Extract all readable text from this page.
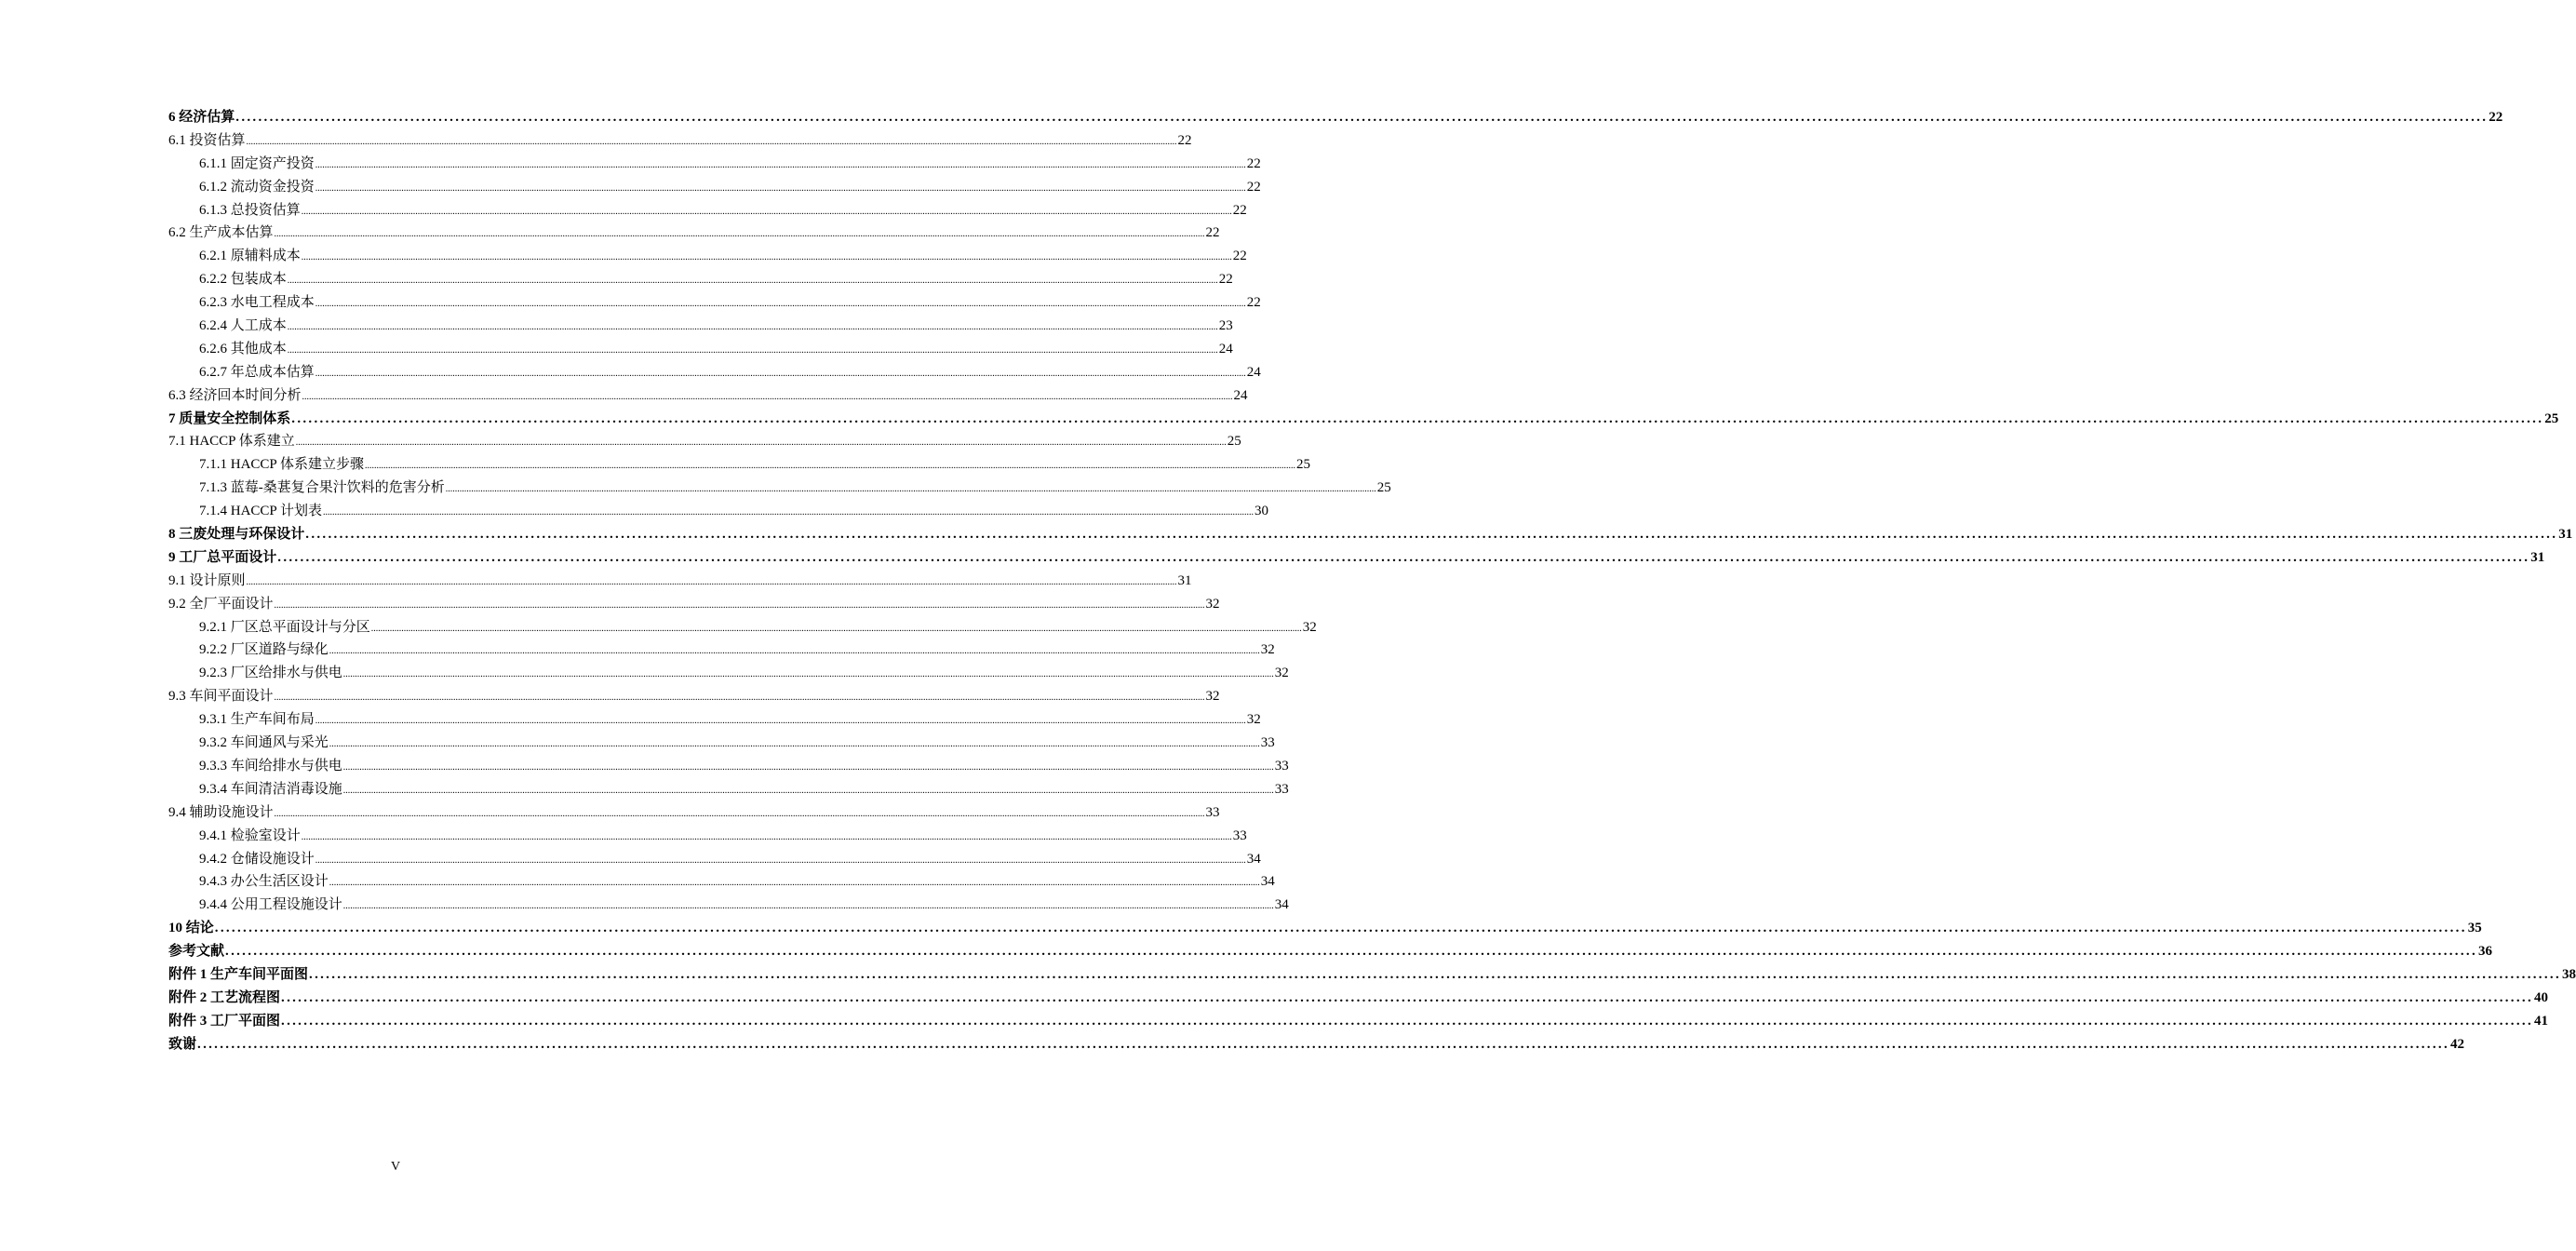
6 经济估算 ................................................................................................................................................................................................................................................................................................................................................................................................................ 22
6.1 投资估算 ................................................................................................................................................................................................................................................................................................................................................................................................................ 22
6.1.1 固定资产投资 ................................................................................................................................................................................................................................................................................................................................................................................................................ 22
6.1.2 流动资金投资 ................................................................................................................................................................................................................................................................................................................................................................................................................ 22
6.1.3 总投资估算 ................................................................................................................................................................................................................................................................................................................................................................................................................ 22
6.2 生产成本估算 ................................................................................................................................................................................................................................................................................................................................................................................................................ 22
6.2.1 原辅料成本 ................................................................................................................................................................................................................................................................................................................................................................................................................ 22
6.2.2 包装成本 ................................................................................................................................................................................................................................................................................................................................................................................................................ 22
6.2.3 水电工程成本 ................................................................................................................................................................................................................................................................................................................................................................................................................ 22
6.2.4 人工成本 ................................................................................................................................................................................................................................................................................................................................................................................................................ 23
6.2.6 其他成本 ................................................................................................................................................................................................................................................................................................................................................................................................................ 24
6.2.7 年总成本估算 ................................................................................................................................................................................................................................................................................................................................................................................................................ 24
6.3 经济回本时间分析 ................................................................................................................................................................................................................................................................................................................................................................................................................ 24
7 质量安全控制体系 ................................................................................................................................................................................................................................................................................................................................................................................................................ 25
7.1 HACCP 体系建立 ................................................................................................................................................................................................................................................................................................................................................................................................................ 25
7.1.1 HACCP 体系建立步骤 ................................................................................................................................................................................................................................................................................................................................................................................................................ 25
7.1.3 蓝莓-桑葚复合果汁饮料的危害分析 ................................................................................................................................................................................................................................................................................................................................................................................................................ 25
7.1.4 HACCP 计划表 ................................................................................................................................................................................................................................................................................................................................................................................................................ 30
8 三废处理与环保设计 ................................................................................................................................................................................................................................................................................................................................................................................................................ 31
9 工厂总平面设计 ................................................................................................................................................................................................................................................................................................................................................................................................................ 31
9.1 设计原则 ................................................................................................................................................................................................................................................................................................................................................................................................................ 31
9.2 全厂平面设计 ................................................................................................................................................................................................................................................................................................................................................................................................................ 32
9.2.1 厂区总平面设计与分区 ................................................................................................................................................................................................................................................................................................................................................................................................................ 32
9.2.2 厂区道路与绿化 ................................................................................................................................................................................................................................................................................................................................................................................................................ 32
9.2.3 厂区给排水与供电 ................................................................................................................................................................................................................................................................................................................................................................................................................ 32
9.3 车间平面设计 ................................................................................................................................................................................................................................................................................................................................................................................................................ 32
9.3.1 生产车间布局 ................................................................................................................................................................................................................................................................................................................................................................................................................ 32
9.3.2 车间通风与采光 ................................................................................................................................................................................................................................................................................................................................................................................................................ 33
9.3.3 车间给排水与供电 ................................................................................................................................................................................................................................................................................................................................................................................................................ 33
9.3.4 车间清洁消毒设施 ................................................................................................................................................................................................................................................................................................................................................................................................................ 33
9.4 辅助设施设计 ................................................................................................................................................................................................................................................................................................................................................................................................................ 33
9.4.1 检验室设计 ................................................................................................................................................................................................................................................................................................................................................................................................................ 33
9.4.2 仓储设施设计 ................................................................................................................................................................................................................................................................................................................................................................................................................ 34
9.4.3 办公生活区设计 ................................................................................................................................................................................................................................................................................................................................................................................................................ 34
9.4.4 公用工程设施设计 ................................................................................................................................................................................................................................................................................................................................................................................................................ 34
10 结论 ................................................................................................................................................................................................................................................................................................................................................................................................................ 35
参考文献 ................................................................................................................................................................................................................................................................................................................................................................................................................ 36
附件 1 生产车间平面图 ................................................................................................................................................................................................................................................................................................................................................................................................................ 38
附件 2 工艺流程图 ................................................................................................................................................................................................................................................................................................................................................................................................................ 40
附件 3 工厂平面图 ................................................................................................................................................................................................................................................................................................................................................................................................................ 41
致谢 ................................................................................................................................................................................................................................................................................................................................................................................................................ 42
V
